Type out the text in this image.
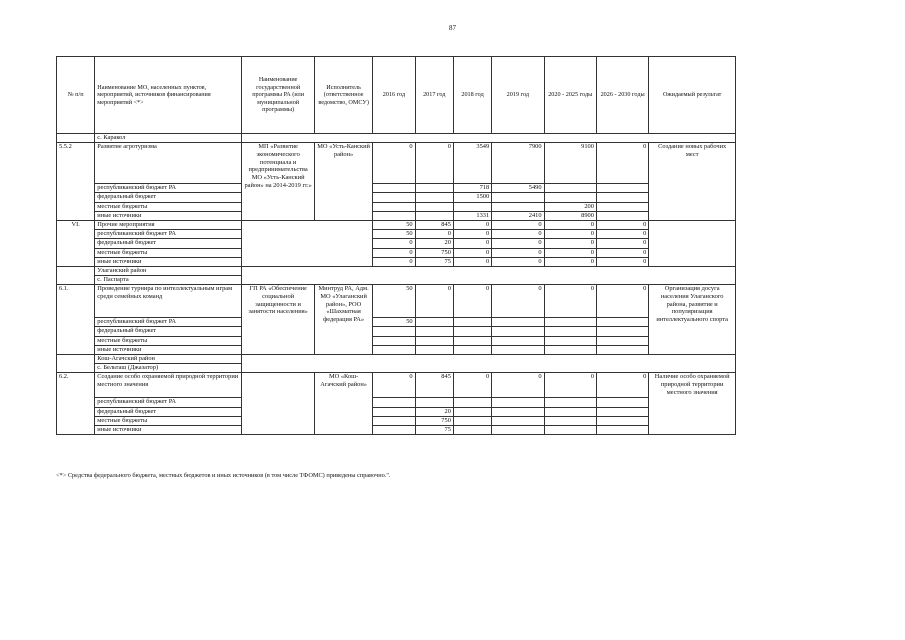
87
№ п/п	Наименование МО, населенных пунктов, мероприятий, источников финансирования мероприятий <*>	Наименование государственной программы РА (или муниципальной программы)	Исполнитель (ответственное ведомство, ОМСУ)	2016 год	2017 год	2018 год	2019 год	2020 - 2025 годы	2026 - 2030 годы	Ожидаемый результат
	с. Каракол									
5.5.2	Развитие агротуризма	МП «Развитие экономического потенциала и предпринимательства МО «Усть-Канский район» на 2014-2019 гг.»	МО «Усть-Канский район»	0	0	3549	7900	9100	0	Создание новых рабочих мест
	республиканский бюджет РА					718	5490			
	федеральный бюджет					1500				
	местные бюджеты							200		
	иные источники					1331	2410	8900		
VI.	Прочие мероприятия			50	845	0	0	0	0	
	республиканский бюджет РА			50	0	0	0	0	0	
	федеральный бюджет			0	20	0	0	0	0	
	местные бюджеты			0	750	0	0	0	0	
	иные источники			0	75	0	0	0	0	
	Улаганский район									
	с. Паспарта									
6.1.	Проведение турнира по интеллектуальным играм среди семейных команд	ГП РА «Обеспечение социальной защищенности и занятости населения»	Минтруд РА, Адм. МО «Улаганский район», РОО «Шахматная федерация РА»	50	0	0	0	0	0	Организация досуга населения Улаганского района, развитие и популяризация интеллектуального спорта
	республиканский бюджет РА			50						
	федеральный бюджет									
	местные бюджеты									
	иные источники									
	Кош-Агачский район									
	с. Бельташ (Джазатор)									
6.2.	Создание особо охраняемой природной территории местного значения		МО «Кош-Агачский район»	0	845	0	0	0	0	Наличие особо охраняемой природной территории местного значения
	республиканский бюджет РА									
	федеральный бюджет				20					
	местные бюджеты				750					
	иные источники				75					
<*> Средства федерального бюджета, местных бюджетов и иных источников (в том числе ТФОМС) приведены справочно.".
